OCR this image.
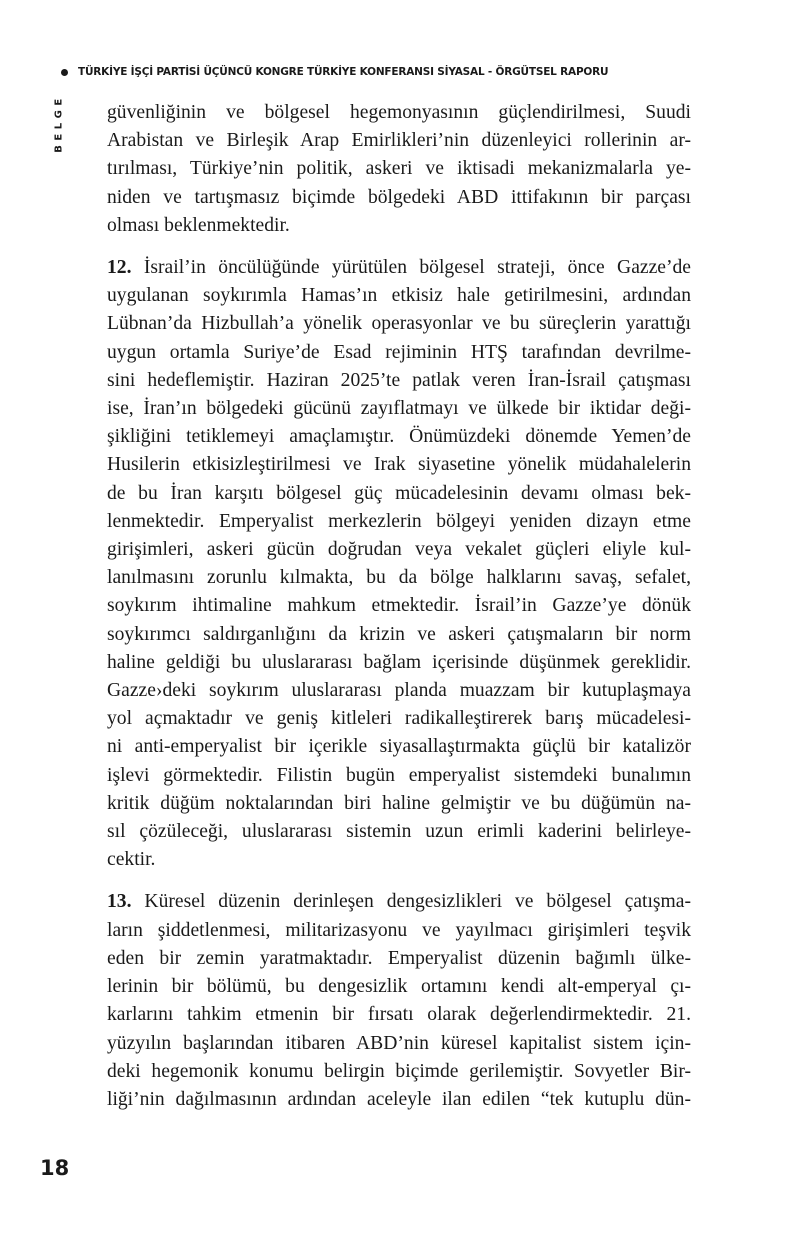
TÜRKİYE İŞÇİ PARTİSİ ÜÇÜNCÜ KONGRE TÜRKİYE KONFERANSI SİYASAL - ÖRGÜTSEL RAPORU
BELGE güvenliğinin ve bölgesel hegemonyasının güçlendirilmesi, Suudi
Arabistan ve Birleşik Arap Emirlikleri’nin düzenleyici rollerinin ar-
tırılması, Türkiye’nin politik, askeri ve iktisadi mekanizmalarla ye-
niden ve tartışmasız biçimde bölgedeki ABD ittifakının bir parçası
olması beklenmektedir.

12. İsrail’in öncülüğünde yürütülen bölgesel strateji, önce Gazze’de
uygulanan soykırımla Hamas’ın etkisiz hale getirilmesini, ardından
Lübnan’da Hizbullah’a yönelik operasyonlar ve bu süreçlerin yarattığı
uygun ortamla Suriye’de Esad rejiminin HTŞ tarafından devrilme-
sini hedeflemiştir. Haziran 2025’te patlak veren İran-İsrail çatışması
ise, İran’ın bölgedeki gücünü zayıflatmayı ve ülkede bir iktidar deği-
şikliğini tetiklemeyi amaçlamıştır. Önümüzdeki dönemde Yemen’de
Husilerin etkisizleştirilmesi ve Irak siyasetine yönelik müdahalelerin
de bu İran karşıtı bölgesel güç mücadelesinin devamı olması bek-
lenmektedir. Emperyalist merkezlerin bölgeyi yeniden dizayn etme
girişimleri, askeri gücün doğrudan veya vekalet güçleri eliyle kul-
lanılmasını zorunlu kılmakta, bu da bölge halklarını savaş, sefalet,
soykırım ihtimaline mahkum etmektedir. İsrail’in Gazze’ye dönük
soykırımcı saldırganlığını da krizin ve askeri çatışmaların bir norm
haline geldiği bu uluslararası bağlam içerisinde düşünmek gereklidir.
Gazze›deki soykırım uluslararası planda muazzam bir kutuplaşmaya
yol açmaktadır ve geniş kitleleri radikalleştirerek barış mücadelesi-
ni anti-emperyalist bir içerikle siyasallaştırmakta güçlü bir katalizör
işlevi görmektedir. Filistin bugün emperyalist sistemdeki bunalımın
kritik düğüm noktalarından biri haline gelmiştir ve bu düğümün na-
sıl çözüleceği, uluslararası sistemin uzun erimli kaderini belirleye-
cektir.

13. Küresel düzenin derinleşen dengesizlikleri ve bölgesel çatışma-
ların şiddetlenmesi, militarizasyonu ve yayılmacı girişimleri teşvik
eden bir zemin yaratmaktadır. Emperyalist düzenin bağımlı ülke-
lerinin bir bölümü, bu dengesizlik ortamını kendi alt-emperyal çı-
karlarını tahkim etmenin bir fırsatı olarak değerlendirmektedir. 21.
yüzyılın başlarından itibaren ABD’nin küresel kapitalist sistem için-
deki hegemonik konumu belirgin biçimde gerilemiştir. Sovyetler Bir-
liği’nin dağılmasının ardından aceleyle ilan edilen “tek kutuplu dün-

18
